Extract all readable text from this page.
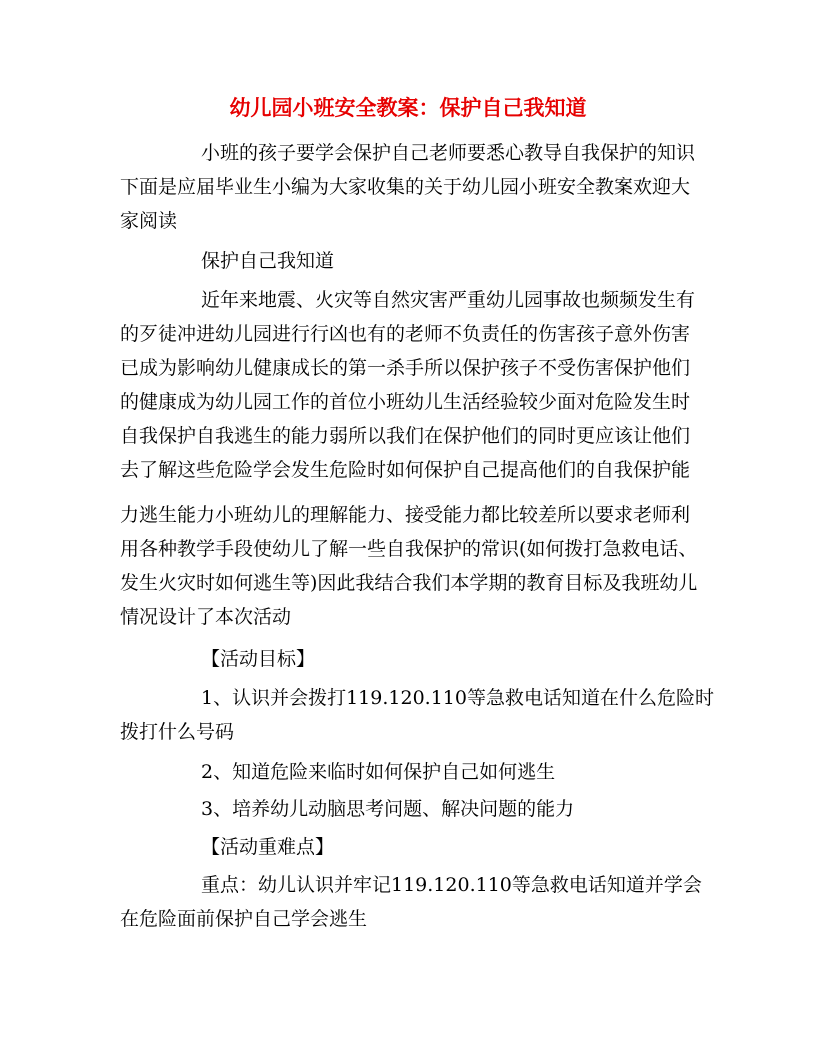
幼儿园小班安全教案：保护自己我知道

小班的孩子要学会保护自己老师要悉心教导自我保护的知识

下面是应届毕业生小编为大家收集的关于幼儿园小班安全教案欢迎大

家阅读

保护自己我知道

近年来地震、火灾等自然灾害严重幼儿园事故也频频发生有

的歹徒冲进幼儿园进行行凶也有的老师不负责任的伤害孩子意外伤害

已成为影响幼儿健康成长的第一杀手所以保护孩子不受伤害保护他们

的健康成为幼儿园工作的首位小班幼儿生活经验较少面对危险发生时

自我保护自我逃生的能力弱所以我们在保护他们的同时更应该让他们

去了解这些危险学会发生危险时如何保护自己提高他们的自我保护能

力逃生能力小班幼儿的理解能力、接受能力都比较差所以要求老师利

用各种教学手段使幼儿了解一些自我保护的常识(如何拨打急救电话、

发生火灾时如何逃生等)因此我结合我们本学期的教育目标及我班幼儿

情况设计了本次活动

【活动目标】

1、认识并会拨打119.120.110等急救电话知道在什么危险时

拨打什么号码

2、知道危险来临时如何保护自己如何逃生

3、培养幼儿动脑思考问题、解决问题的能力

【活动重难点】

重点：幼儿认识并牢记119.120.110等急救电话知道并学会

在危险面前保护自己学会逃生
